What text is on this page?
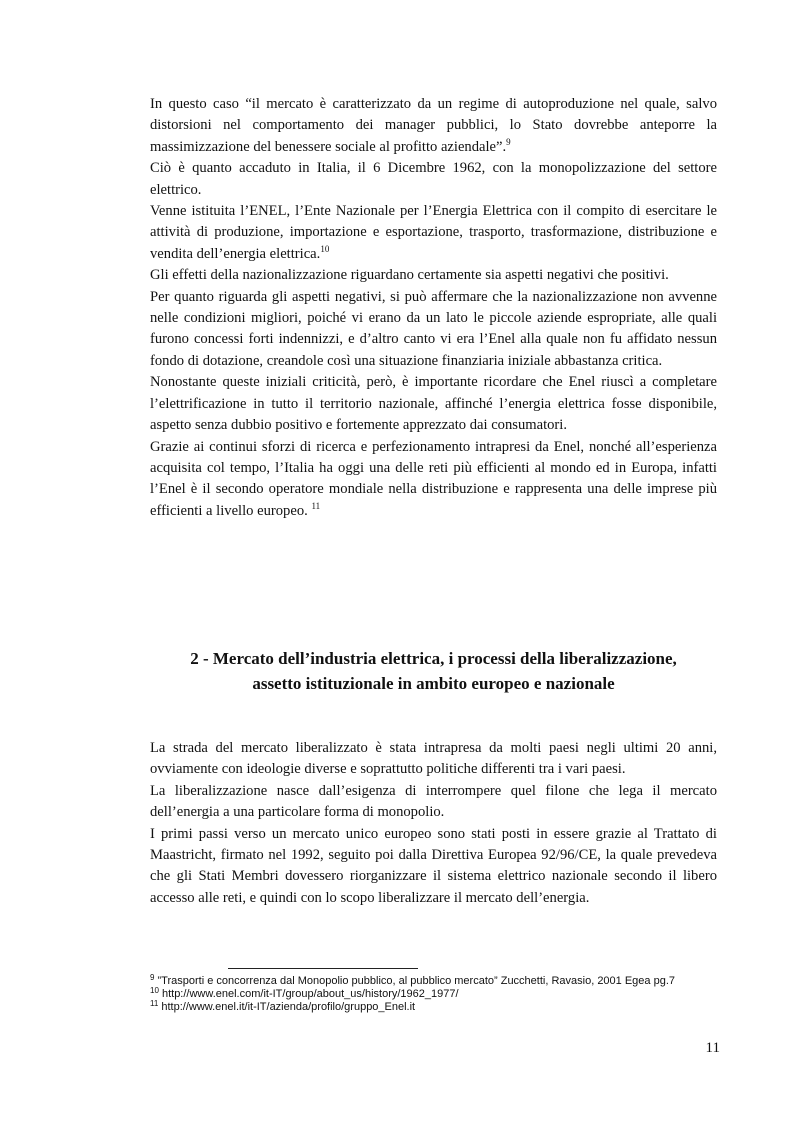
In questo caso “il mercato è caratterizzato da un regime di autoproduzione nel quale, salvo distorsioni nel comportamento dei manager pubblici, lo Stato dovrebbe anteporre la massimizzazione del benessere sociale al profitto aziendale”.$^9$

Ciò è quanto accaduto in Italia, il 6 Dicembre 1962, con la monopolizzazione del settore elettrico.

Venne istituita l’ENEL, l’Ente Nazionale per l’Energia Elettrica con il compito di esercitare le attività di produzione, importazione e esportazione, trasporto, trasformazione, distribuzione e vendita dell’energia elettrica.$^{10}$

Gli effetti della nazionalizzazione riguardano certamente sia aspetti negativi che positivi.

Per quanto riguarda gli aspetti negativi, si può affermare che la nazionalizzazione non avvenne nelle condizioni migliori, poiché vi erano da un lato le piccole aziende espropriate, alle quali furono concessi forti indennizzi, e d’altro canto vi era l’Enel alla quale non fu affidato nessun fondo di dotazione, creandole così una situazione finanziaria iniziale abbastanza critica.

Nonostante queste iniziali criticità, però, è importante ricordare che Enel riuscì a completare l’elettrificazione in tutto il territorio nazionale, affinché l’energia elettrica fosse disponibile, aspetto senza dubbio positivo e fortemente apprezzato dai consumatori.

Grazie ai continui sforzi di ricerca e perfezionamento intrapresi da Enel, nonché all’esperienza acquisita col tempo, l’Italia ha oggi una delle reti più efficienti al mondo ed in Europa, infatti l’Enel è il secondo operatore mondiale nella distribuzione e rappresenta una delle imprese più efficienti a livello europeo. $^{11}$

2 - Mercato dell’industria elettrica, i processi della liberalizzazione,
assetto istituzionale in ambito europeo e nazionale

La strada del mercato liberalizzato è stata intrapresa da molti paesi negli ultimi 20 anni, ovviamente con ideologie diverse e soprattutto politiche differenti tra i vari paesi.

La liberalizzazione nasce dall’esigenza di interrompere quel filone che lega il mercato dell’energia a una particolare forma di monopolio.

I primi passi verso un mercato unico europeo sono stati posti in essere grazie al Trattato di Maastricht, firmato nel 1992, seguito poi dalla Direttiva Europea 92/96/CE, la quale prevedeva che gli Stati Membri dovessero riorganizzare il sistema elettrico nazionale secondo il libero accesso alle reti, e quindi con lo scopo liberalizzare il mercato dell’energia.

$^9$ ”Trasporti e concorrenza dal Monopolio pubblico, al pubblico mercato” Zucchetti, Ravasio, 2001 Egea pg.7

$^{10}$ http://www.enel.com/it-IT/group/about_us/history/1962_1977/

$^{11}$ http://www.enel.it/it-IT/azienda/profilo/gruppo_Enel.it

11
